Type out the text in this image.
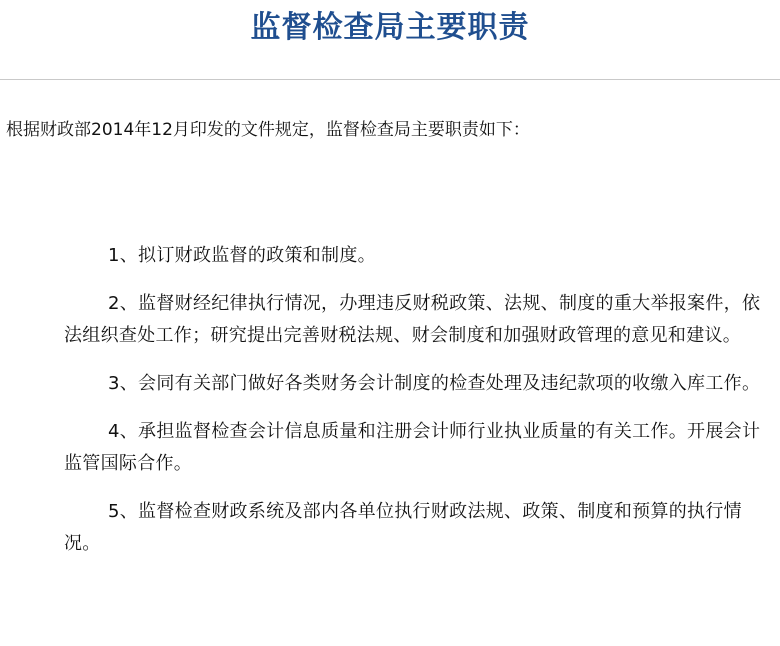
监督检查局主要职责

根据财政部2014年12月印发的文件规定，监督检查局主要职责如下：

1、拟订财政监督的政策和制度。
2、监督财经纪律执行情况，办理违反财税政策、法规、制度的重大举报案件，依法组织查处工作；研究提出完善财税法规、财会制度和加强财政管理的意见和建议。
3、会同有关部门做好各类财务会计制度的检查处理及违纪款项的收缴入库工作。
4、承担监督检查会计信息质量和注册会计师行业执业质量的有关工作。开展会计监管国际合作。
5、监督检查财政系统及部内各单位执行财政法规、政策、制度和预算的执行情况。
